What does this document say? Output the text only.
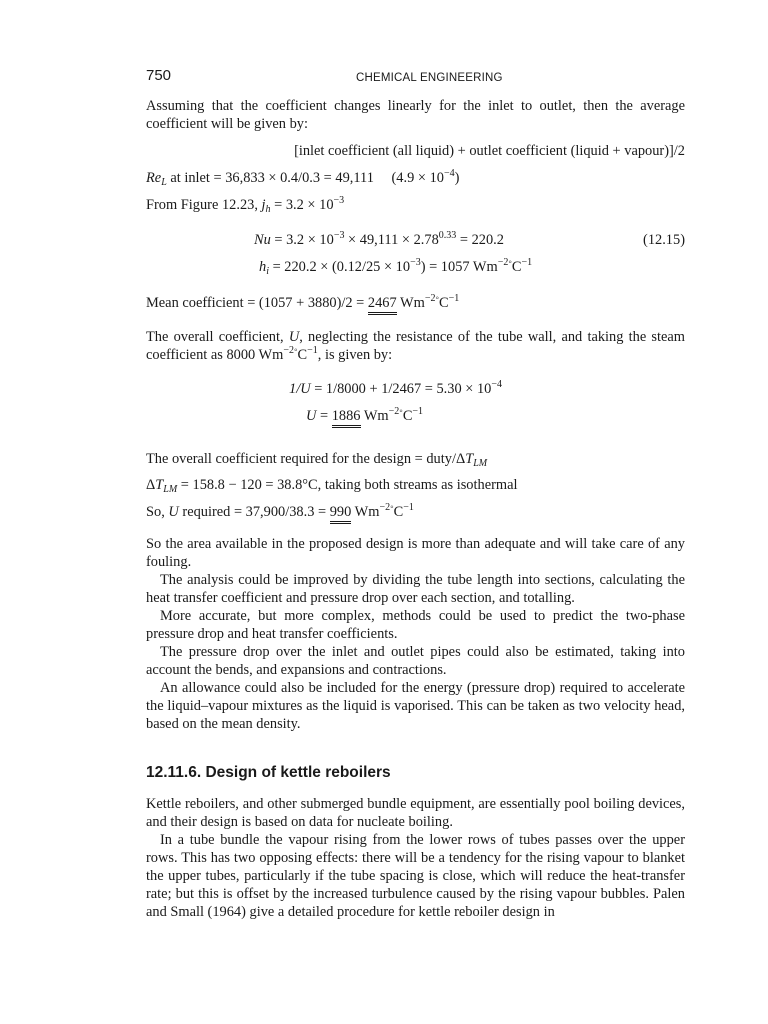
750	CHEMICAL ENGINEERING

Assuming that the coefficient changes linearly for the inlet to outlet, then the average coefficient will be given by:

[inlet coefficient (all liquid) + outlet coefficient (liquid + vapour)]/2
$Re_L$ at inlet = 36,833 × 0.4/0.3 = 49,111 $(4.9 \times 10^{-4})$
From Figure 12.23, $j_h = 3.2 \times 10^{-3}$
$Nu = 3.2 \times 10^{-3} \times 49,111 \times 2.78^{0.33} = 220.2$	(12.15)
$h_i = 220.2 \times (0.12/25 \times 10^{-3}) = 1057$ $Wm^{-2◦}C^{-1}$
Mean coefficient = (1057 + 3880)/2 = 2467 $Wm^{-2◦}C^{-1}$

The overall coefficient, U, neglecting the resistance of the tube wall, and taking the steam coefficient as 8000 $Wm^{-2◦}C^{-1}$, is given by:

$1/U = 1/8000 + 1/2467 = 5.30 \times 10^{-4}$
U = 1886 $Wm^{-2◦}C^{-1}$
The overall coefficient required for the design = duty/$\Delta T_{LM}$
$\Delta T_{LM} = 158.8 - 120 = 38.8^\circ C$, taking both streams as isothermal
So, U required = 37,900/38.3 = 990 $Wm^{-2◦}C^{-1}$

So the area available in the proposed design is more than adequate and will take care of any fouling.

The analysis could be improved by dividing the tube length into sections, calculating the heat transfer coefficient and pressure drop over each section, and totalling.

More accurate, but more complex, methods could be used to predict the two-phase pressure drop and heat transfer coefficients.

The pressure drop over the inlet and outlet pipes could also be estimated, taking into account the bends, and expansions and contractions.

An allowance could also be included for the energy (pressure drop) required to accelerate the liquid–vapour mixtures as the liquid is vaporised. This can be taken as two velocity head, based on the mean density.

12.11.6. Design of kettle reboilers

Kettle reboilers, and other submerged bundle equipment, are essentially pool boiling devices, and their design is based on data for nucleate boiling.

In a tube bundle the vapour rising from the lower rows of tubes passes over the upper rows. This has two opposing effects: there will be a tendency for the rising vapour to blanket the upper tubes, particularly if the tube spacing is close, which will reduce the heat-transfer rate; but this is offset by the increased turbulence caused by the rising vapour bubbles. Palen and Small (1964) give a detailed procedure for kettle reboiler design in
